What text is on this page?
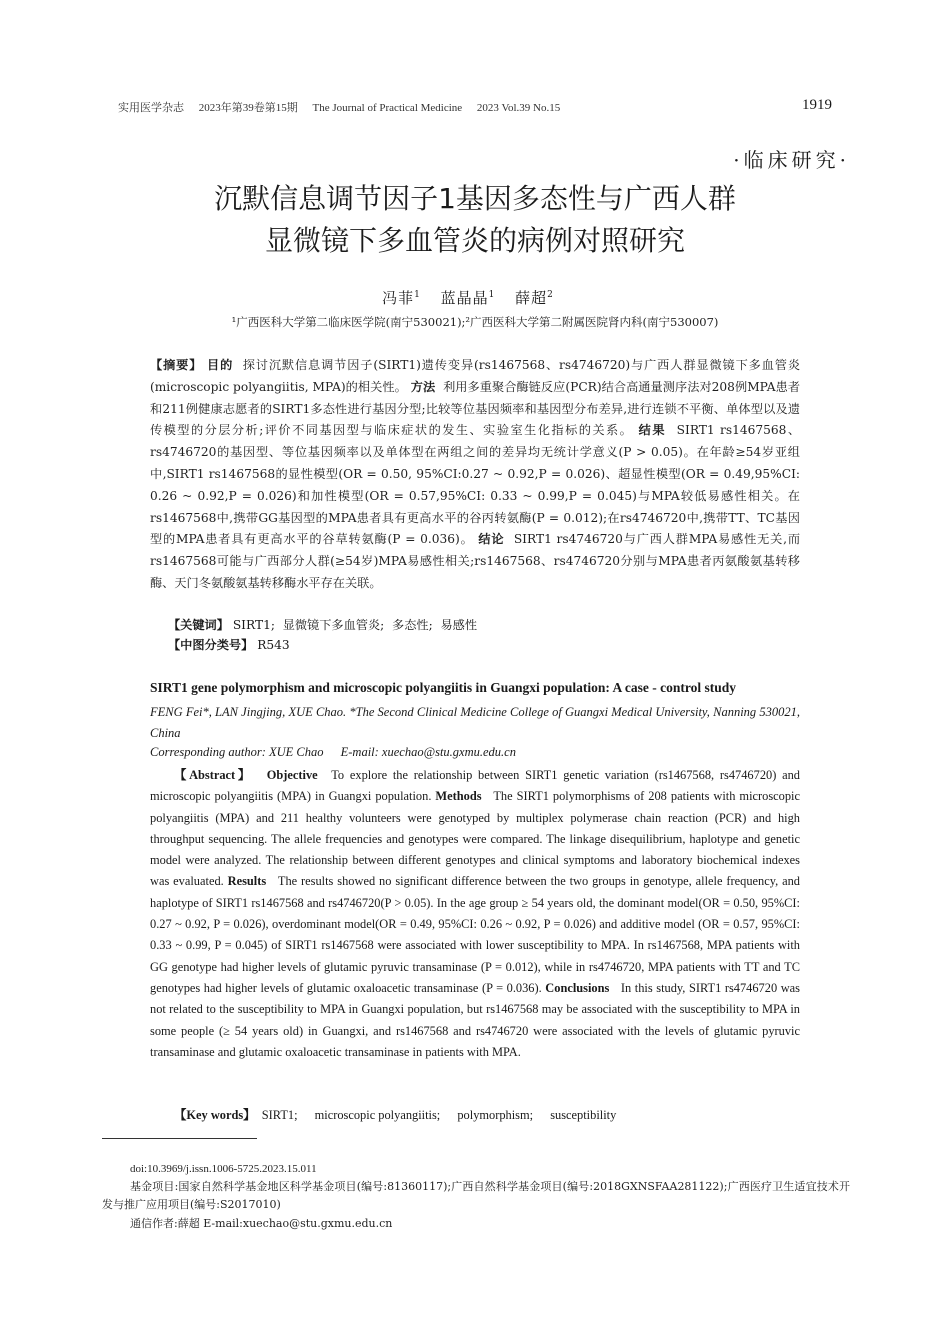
实用医学杂志 2023年第39卷第15期 The Journal of Practical Medicine 2023 Vol.39 No.15	1919
·临床研究·
沉默信息调节因子1基因多态性与广西人群
显微镜下多血管炎的病例对照研究
冯菲$^1$ 蓝晶晶$^1$ 薛超$^2$
¹广西医科大学第二临床医学院(南宁530021);²广西医科大学第二附属医院肾内科(南宁530007)
【摘要】 目的 探讨沉默信息调节因子(SIRT1)遗传变异(rs1467568、rs4746720)与广西人群显微镜下多血管炎(microscopic polyangiitis, MPA)的相关性。 方法 利用多重聚合酶链反应(PCR)结合高通量测序法对208例MPA患者和211例健康志愿者的SIRT1多态性进行基因分型;比较等位基因频率和基因型分布差异,进行连锁不平衡、单体型以及遗传模型的分层分析;评价不同基因型与临床症状的发生、实验室生化指标的关系。 结果 SIRT1 rs1467568、rs4746720的基因型、等位基因频率以及单体型在两组之间的差异均无统计学意义(P > 0.05)。在年龄≥54岁亚组中,SIRT1 rs1467568的显性模型(OR = 0.50, 95%CI:0.27 ~ 0.92,P = 0.026)、超显性模型(OR = 0.49,95%CI: 0.26 ~ 0.92,P = 0.026)和加性模型(OR = 0.57,95%CI: 0.33 ~ 0.99,P = 0.045)与MPA较低易感性相关。在rs1467568中,携带GG基因型的MPA患者具有更高水平的谷丙转氨酶(P = 0.012);在rs4746720中,携带TT、TC基因型的MPA患者具有更高水平的谷草转氨酶(P = 0.036)。 结论 SIRT1 rs4746720与广西人群MPA易感性无关,而rs1467568可能与广西部分人群(≥54岁)MPA易感性相关;rs1467568、rs4746720分别与MPA患者丙氨酸氨基转移酶、天门冬氨酸氨基转移酶水平存在关联。
【关键词】 SIRT1; 显微镜下多血管炎; 多态性; 易感性
【中图分类号】 R543
SIRT1 gene polymorphism and microscopic polyangiitis in Guangxi population: A case - control study
FENG Fei*, LAN Jingjing, XUE Chao. *The Second Clinical Medicine College of Guangxi Medical University, Nanning 530021, China
Corresponding author: XUE Chao E-mail: xuechao@stu.gxmu.edu.cn
【Abstract】 Objective To explore the relationship between SIRT1 genetic variation (rs1467568, rs4746720) and microscopic polyangiitis (MPA) in Guangxi population. Methods The SIRT1 polymorphisms of 208 patients with microscopic polyangiitis (MPA) and 211 healthy volunteers were genotyped by multiplex polymerase chain reaction (PCR) and high throughput sequencing. The allele frequencies and genotypes were compared. The linkage disequilibrium, haplotype and genetic model were analyzed. The relationship between different genotypes and clinical symptoms and laboratory biochemical indexes was evaluated. Results The results showed no significant difference between the two groups in genotype, allele frequency, and haplotype of SIRT1 rs1467568 and rs4746720(P > 0.05). In the age group ≥ 54 years old, the dominant model(OR = 0.50, 95%CI: 0.27 ~ 0.92, P = 0.026), overdominant model(OR = 0.49, 95%CI: 0.26 ~ 0.92, P = 0.026) and additive model (OR = 0.57, 95%CI: 0.33 ~ 0.99, P = 0.045) of SIRT1 rs1467568 were associated with lower susceptibility to MPA. In rs1467568, MPA patients with GG genotype had higher levels of glutamic pyruvic transaminase (P = 0.012), while in rs4746720, MPA patients with TT and TC genotypes had higher levels of glutamic oxaloacetic transaminase (P = 0.036). Conclusions In this study, SIRT1 rs4746720 was not related to the susceptibility to MPA in Guangxi population, but rs1467568 may be associated with the susceptibility to MPA in some people (≥ 54 years old) in Guangxi, and rs1467568 and rs4746720 were associated with the levels of glutamic pyruvic transaminase and glutamic oxaloacetic transaminase in patients with MPA.
【Key words】 SIRT1; microscopic polyangiitis; polymorphism; susceptibility
doi:10.3969/j.issn.1006-5725.2023.15.011
基金项目:国家自然科学基金地区科学基金项目(编号:81360117);广西自然科学基金项目(编号:2018GXNSFAA281122);广西医疗卫生适宜技术开发与推广应用项目(编号:S2017010)
通信作者:薛超 E-mail:xuechao@stu.gxmu.edu.cn
